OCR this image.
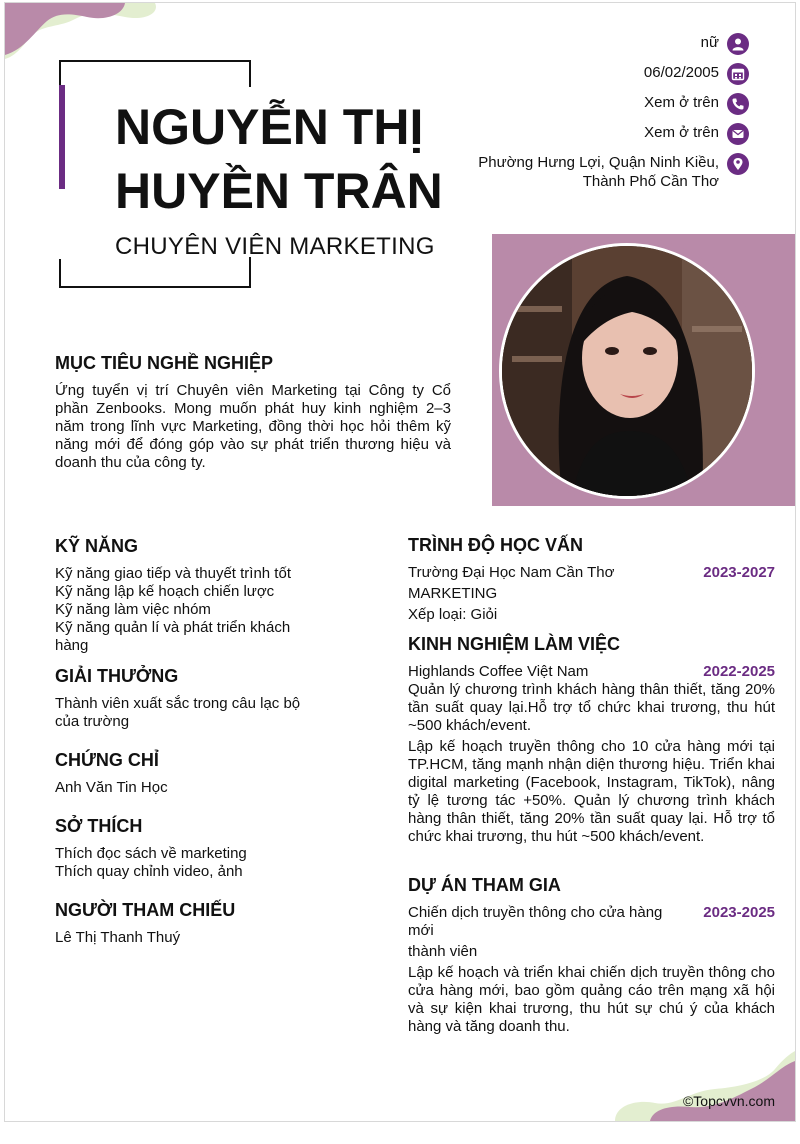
NGUYỄN THỊ
HUYỀN TRÂN
CHUYÊN VIÊN MARKETING
nữ
06/02/2005
Xem ở trên
Xem ở trên
Phường Hưng Lợi, Quận Ninh Kiều, Thành Phố Cần Thơ
MỤC TIÊU NGHỀ NGHIỆP
Ứng tuyển vị trí Chuyên viên Marketing tại Công ty Cổ phần Zenbooks. Mong muốn phát huy kinh nghiệm 2–3 năm trong lĩnh vực Marketing, đồng thời học hỏi thêm kỹ năng mới để đóng góp vào sự phát triển thương hiệu và doanh thu của công ty.
KỸ NĂNG
Kỹ năng giao tiếp và thuyết trình tốt
Kỹ năng lập kế hoạch chiến lược
Kỹ năng làm việc nhóm
Kỹ năng quản lí và phát triển khách hàng
GIẢI THƯỞNG
Thành viên xuất sắc trong câu lạc bộ của trường
CHỨNG CHỈ
Anh Văn Tin Học
SỞ THÍCH
Thích đọc sách về marketing
Thích quay chỉnh video, ảnh
NGƯỜI THAM CHIẾU
Lê Thị Thanh Thuý
TRÌNH ĐỘ HỌC VẤN
Trường Đại Học Nam Cần Thơ	2023-2027
MARKETING
Xếp loại: Giỏi
KINH NGHIỆM LÀM VIỆC
Highlands Coffee Việt Nam	2022-2025
Quản lý chương trình khách hàng thân thiết, tăng 20% tần suất quay lại.Hỗ trợ tổ chức khai trương, thu hút ~500 khách/event.
Lập kế hoạch truyền thông cho 10 cửa hàng mới tại TP.HCM, tăng mạnh nhận diện thương hiệu. Triển khai digital marketing (Facebook, Instagram, TikTok), nâng tỷ lệ tương tác +50%. Quản lý chương trình khách hàng thân thiết, tăng 20% tần suất quay lại. Hỗ trợ tổ chức khai trương, thu hút ~500 khách/event.
DỰ ÁN THAM GIA
Chiến dịch truyền thông cho cửa hàng mới
2023-2025
thành viên
Lập kế hoạch và triển khai chiến dịch truyền thông cho cửa hàng mới, bao gồm quảng cáo trên mạng xã hội và sự kiện khai trương, thu hút sự chú ý của khách hàng và tăng doanh thu.
©Topcvvn.com
